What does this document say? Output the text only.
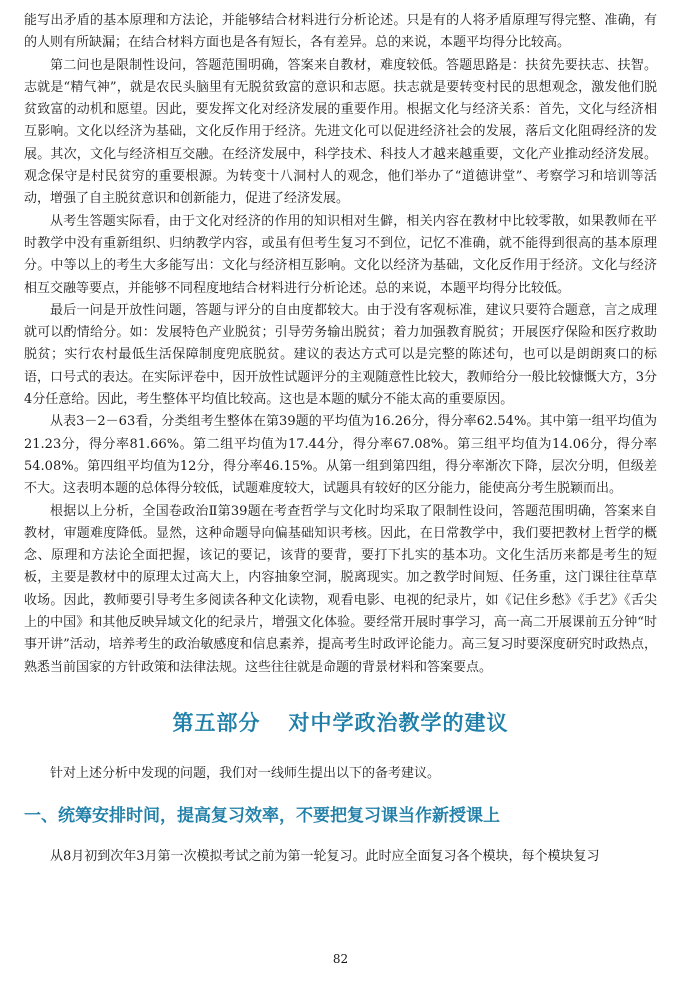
能写出矛盾的基本原理和方法论，并能够结合材料进行分析论述。只是有的人将矛盾原理写得完整、准确，有的人则有所缺漏；在结合材料方面也是各有短长，各有差异。总的来说，本题平均得分比较高。

第二问也是限制性设问，答题范围明确，答案来自教材，难度较低。答题思路是：扶贫先要扶志、扶智。志就是“精气神”，就是农民头脑里有无脱贫致富的意识和志愿。扶志就是要转变村民的思想观念，激发他们脱贫致富的动机和愿望。因此，要发挥文化对经济发展的重要作用。根据文化与经济关系：首先，文化与经济相互影响。文化以经济为基础，文化反作用于经济。先进文化可以促进经济社会的发展，落后文化阻碍经济的发展。其次，文化与经济相互交融。在经济发展中，科学技术、科技人才越来越重要，文化产业推动经济发展。观念保守是村民贫穷的重要根源。为转变十八洞村人的观念，他们举办了“道德讲堂”、考察学习和培训等活动，增强了自主脱贫意识和创新能力，促进了经济发展。

从考生答题实际看，由于文化对经济的作用的知识相对生僻，相关内容在教材中比较零散，如果教师在平时教学中没有重新组织、归纳教学内容，或虽有但考生复习不到位，记忆不准确，就不能得到很高的基本原理分。中等以上的考生大多能写出：文化与经济相互影响。文化以经济为基础，文化反作用于经济。文化与经济相互交融等要点，并能够不同程度地结合材料进行分析论述。总的来说，本题平均得分比较低。

最后一问是开放性问题，答题与评分的自由度都较大。由于没有客观标准，建议只要符合题意，言之成理就可以酌情给分。如：发展特色产业脱贫；引导劳务输出脱贫；着力加强教育脱贫；开展医疗保险和医疗救助脱贫；实行农村最低生活保障制度兜底脱贫。建议的表达方式可以是完整的陈述句，也可以是朗朗爽口的标语，口号式的表达。在实际评卷中，因开放性试题评分的主观随意性比较大，教师给分一般比较慷慨大方，3分4分任意给。因此，考生整体平均值比较高。这也是本题的赋分不能太高的重要原因。

从表3－2－63看，分类组考生整体在第39题的平均值为16.26分，得分率62.54%。其中第一组平均值为21.23分，得分率81.66%。第二组平均值为17.44分，得分率67.08%。第三组平均值为14.06分，得分率54.08%。第四组平均值为12分，得分率46.15%。从第一组到第四组，得分率渐次下降，层次分明，但级差不大。这表明本题的总体得分较低，试题难度较大，试题具有较好的区分能力，能使高分考生脱颖而出。

根据以上分析，全国卷政治Ⅱ第39题在考查哲学与文化时均采取了限制性设问，答题范围明确，答案来自教材，审题难度降低。显然，这种命题导向偏基础知识考核。因此，在日常教学中，我们要把教材上哲学的概念、原理和方法论全面把握，该记的要记，该背的要背，要打下扎实的基本功。文化生活历来都是考生的短板，主要是教材中的原理太过高大上，内容抽象空洞，脱离现实。加之教学时间短、任务重，这门课往往草草收场。因此，教师要引导考生多阅读各种文化读物，观看电影、电视的纪录片，如《记住乡愁》《手艺》《舌尖上的中国》和其他反映异域文化的纪录片，增强文化体验。要经常开展时事学习，高一高二开展课前五分钟“时事开讲”活动，培养考生的政治敏感度和信息素养，提高考生时政评论能力。高三复习时要深度研究时政热点，熟悉当前国家的方针政策和法律法规。这些往往就是命题的背景材料和答案要点。

第五部分 对中学政治教学的建议

针对上述分析中发现的问题，我们对一线师生提出以下的备考建议。

一、统筹安排时间，提高复习效率，不要把复习课当作新授课上

从8月初到次年3月第一次模拟考试之前为第一轮复习。此时应全面复习各个模块，每个模块复习

82
